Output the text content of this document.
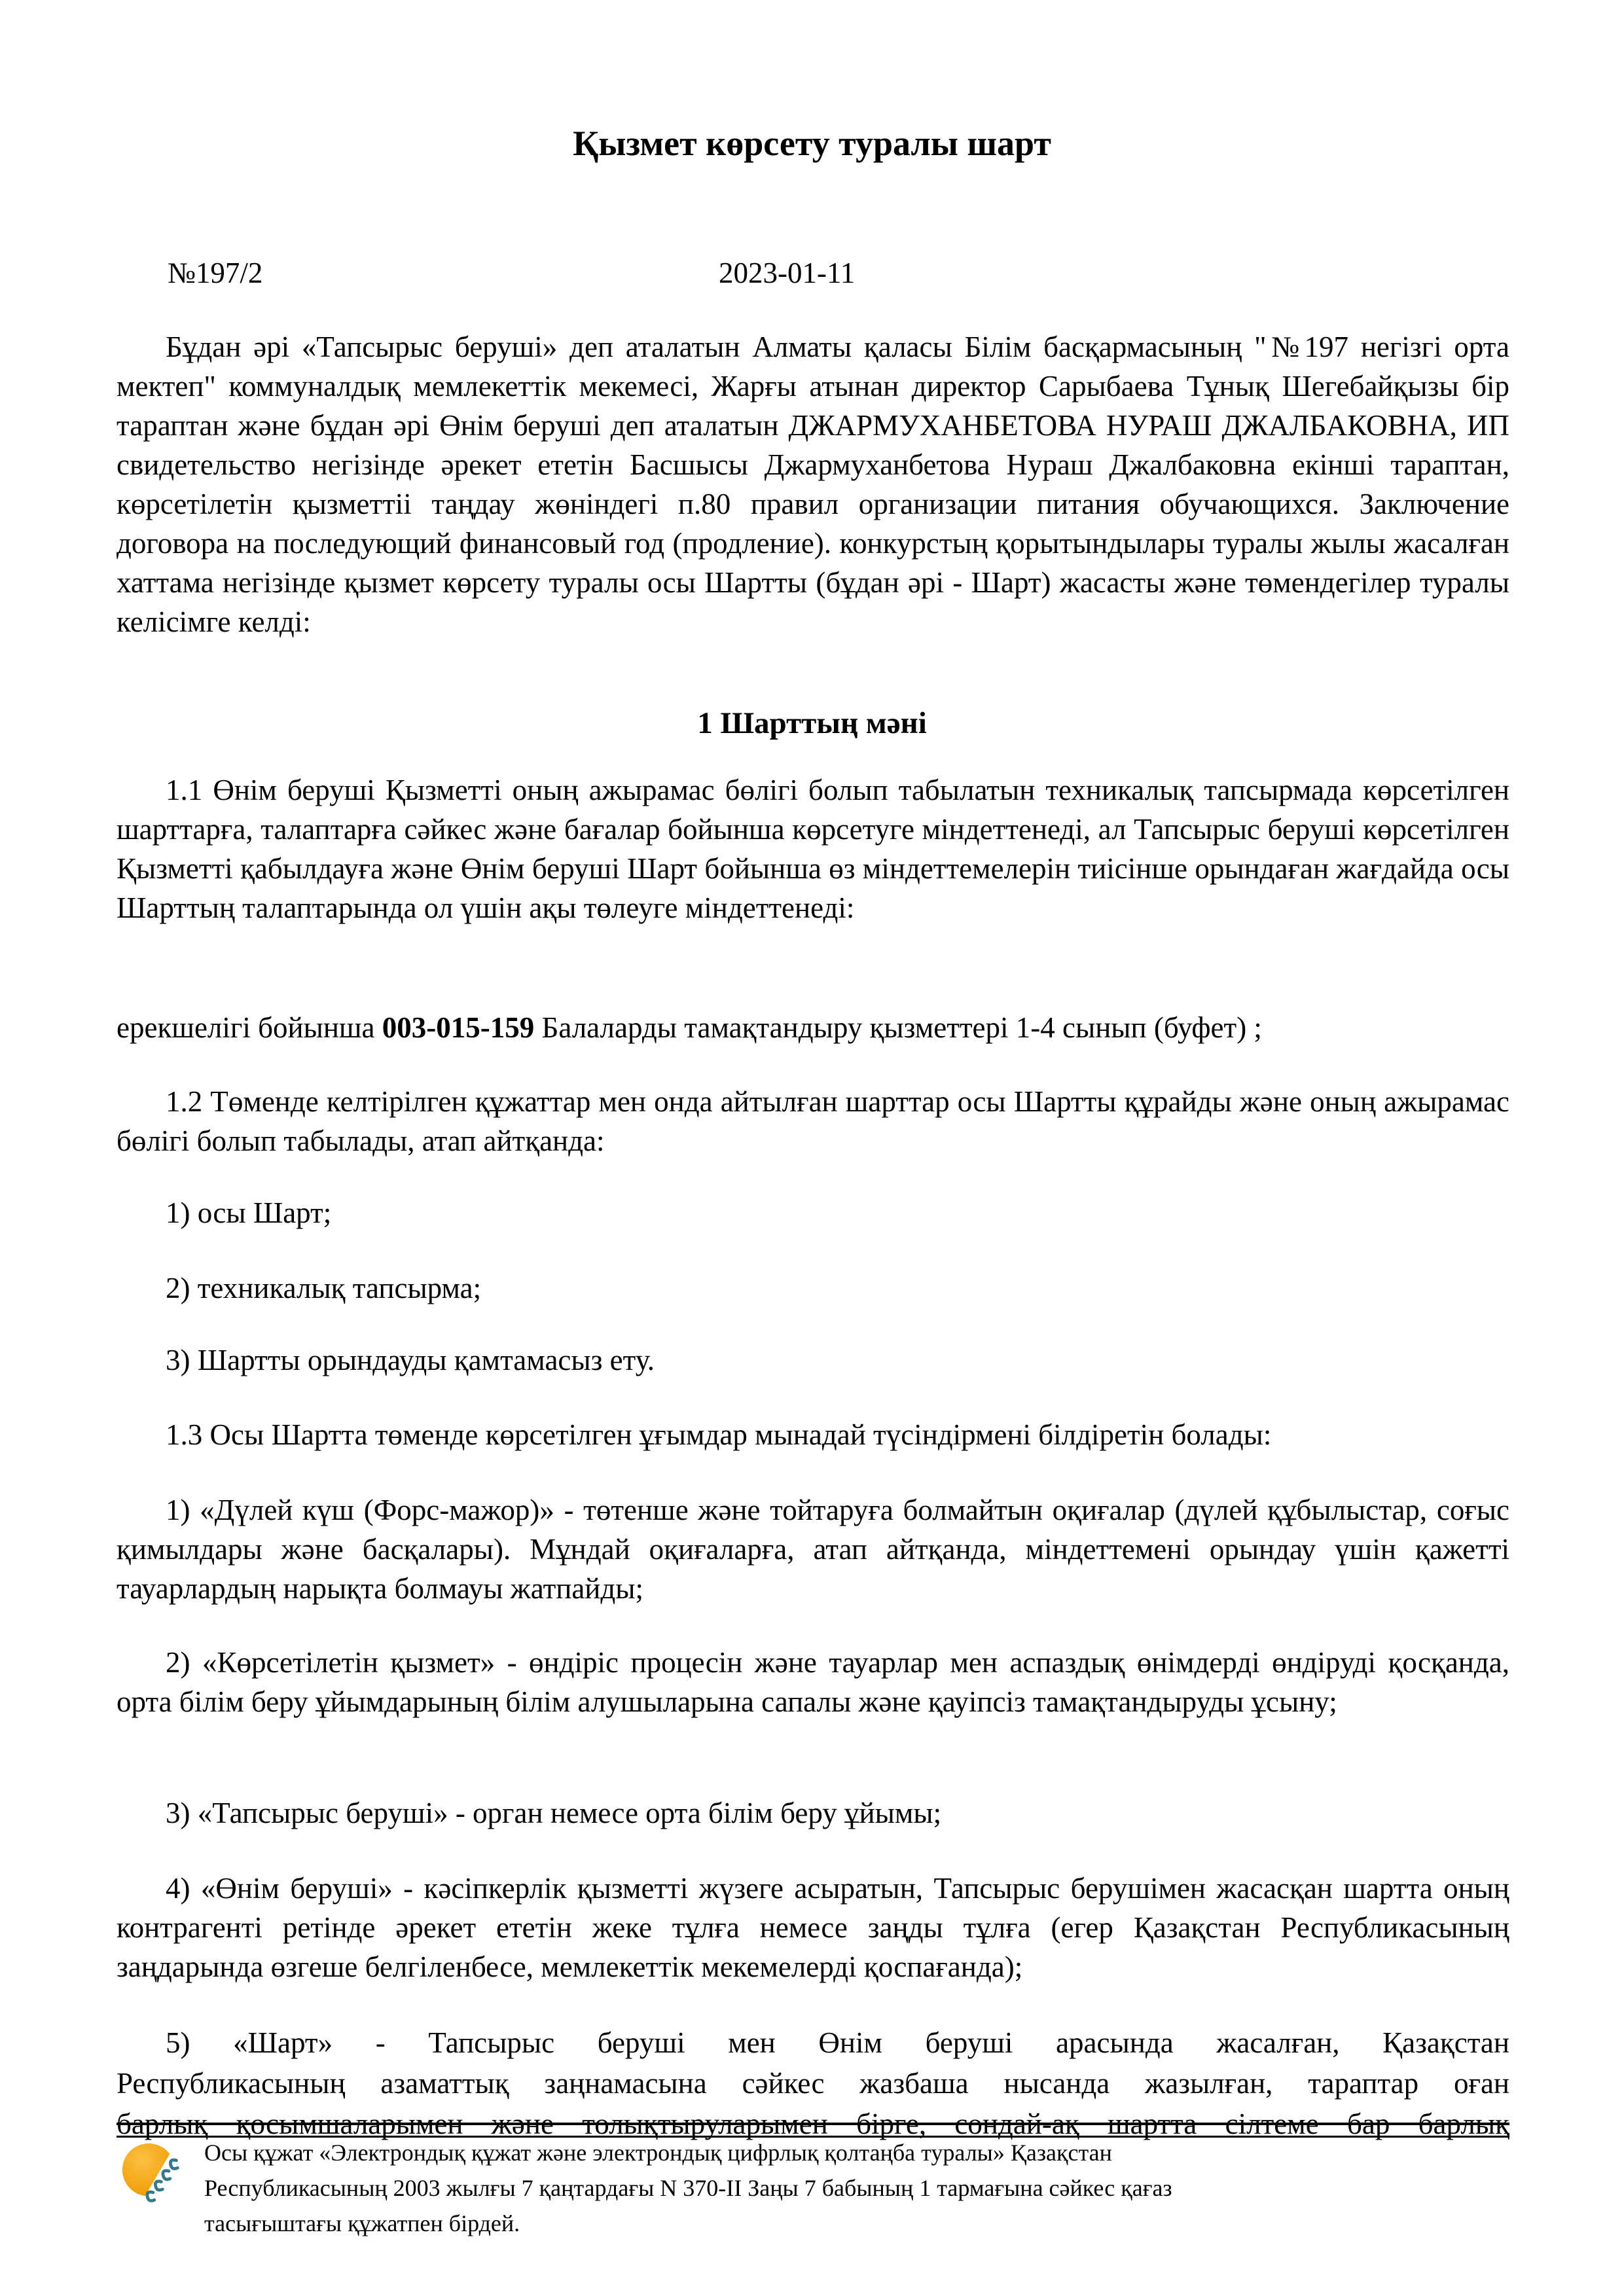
Қызмет көрсету туралы шарт
№197/2	2023-01-11

Бұдан әрі «Тапсырыс беруші» деп аталатын Алматы қаласы Білім басқармасының "№197 негізгі орта мектеп" коммуналдық мемлекеттік мекемесі, Жарғы атынан директор Сарыбаева Тұнық Шегебайқызы бір тараптан және бұдан әрі Өнім беруші деп аталатын ДЖАРМУХАНБЕТОВА НУРАШ ДЖАЛБАКОВНА, ИП свидетельство негізінде әрекет ететін Басшысы Джармуханбетова Нураш Джалбаковна екінші тараптан, көрсетілетін қызметтіі таңдау жөніндегі п.80 правил организации питания обучающихся. Заключение договора на последующий финансовый год (продление). конкурстың қорытындылары туралы жылы жасалған хаттама негізінде қызмет көрсету туралы осы Шартты (бұдан әрі - Шарт) жасасты және төмендегілер туралы келісімге келді:

1 Шарттың мәні

1.1 Өнім беруші Қызметті оның ажырамас бөлігі болып табылатын техникалық тапсырмада көрсетілген шарттарға, талаптарға сәйкес және бағалар бойынша көрсетуге міндеттенеді, ал Тапсырыс беруші көрсетілген Қызметті қабылдауға және Өнім беруші Шарт бойынша өз міндеттемелерін тиісінше орындаған жағдайда осы Шарттың талаптарында ол үшін ақы төлеуге міндеттенеді:

ерекшелігі бойынша 003-015-159 Балаларды тамақтандыру қызметтері 1-4 сынып (буфет) ;

1.2 Төменде келтірілген құжаттар мен онда айтылған шарттар осы Шартты құрайды және оның ажырамас бөлігі болып табылады, атап айтқанда:

1) осы Шарт;

2) техникалық тапсырма;

3) Шартты орындауды қамтамасыз ету.

1.3 Осы Шартта төменде көрсетілген ұғымдар мынадай түсіндірмені білдіретін болады:

1) «Дүлей күш (Форс-мажор)» - төтенше және тойтаруға болмайтын оқиғалар (дүлей құбылыстар, соғыс қимылдары және басқалары). Мұндай оқиғаларға, атап айтқанда, міндеттемені орындау үшін қажетті тауарлардың нарықта болмауы жатпайды;

2) «Көрсетілетін қызмет» - өндіріс процесін және тауарлар мен аспаздық өнімдерді өндіруді қосқанда, орта білім беру ұйымдарының білім алушыларына сапалы және қауіпсіз тамақтандыруды ұсыну;

3) «Тапсырыс беруші» - орган немесе орта білім беру ұйымы;

4) «Өнім беруші» - кәсіпкерлік қызметті жүзеге асыратын, Тапсырыс берушімен жасасқан шартта оның контрагенті ретінде әрекет ететін жеке тұлға немесе заңды тұлға (егер Қазақстан Республикасының заңдарында өзгеше белгіленбесе, мемлекеттік мекемелерді қоспағанда);

5) «Шарт» - Тапсырыс беруші мен Өнім беруші арасында жасалған, Қазақстан
Республикасының азаматтық заңнамасына сәйкес жазбаша нысанда жазылған, тараптар оған
барлық қосымшаларымен және толықтыруларымен бірге, сондай-ақ шартта сілтеме бар барлық
Осы құжат «Электрондық құжат және электрондық цифрлық қолтаңба туралы» Қазақстан
Республикасының 2003 жылғы 7 қаңтардағы N 370-II Заңы 7 бабының 1 тармағына сәйкес қағаз
тасығыштағы құжатпен бірдей.
